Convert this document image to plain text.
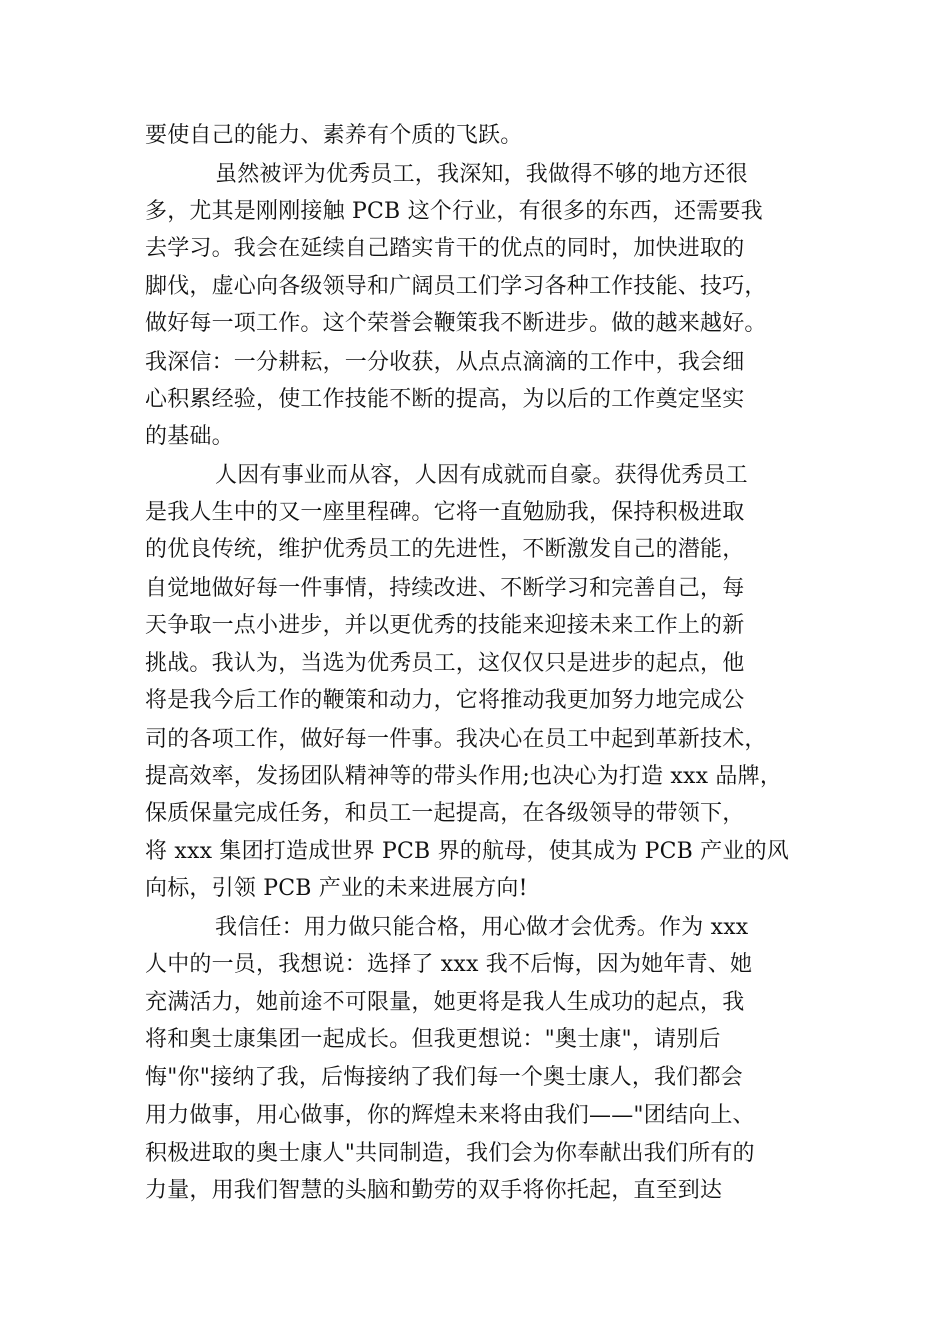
要使自己的能力、素养有个质的飞跃。
虽然被评为优秀员工，我深知，我做得不够的地方还很
多，尤其是刚刚接触 PCB 这个行业，有很多的东西，还需要我
去学习。我会在延续自己踏实肯干的优点的同时，加快进取的
脚伐，虚心向各级领导和广阔员工们学习各种工作技能、技巧，
做好每一项工作。这个荣誉会鞭策我不断进步。做的越来越好。
我深信：一分耕耘，一分收获，从点点滴滴的工作中，我会细
心积累经验，使工作技能不断的提高，为以后的工作奠定坚实
的基础。
人因有事业而从容，人因有成就而自豪。获得优秀员工
是我人生中的又一座里程碑。它将一直勉励我，保持积极进取
的优良传统，维护优秀员工的先进性，不断激发自己的潜能，
自觉地做好每一件事情，持续改进、不断学习和完善自己，每
天争取一点小进步，并以更优秀的技能来迎接未来工作上的新
挑战。我认为，当选为优秀员工，这仅仅只是进步的起点，他
将是我今后工作的鞭策和动力，它将推动我更加努力地完成公
司的各项工作，做好每一件事。我决心在员工中起到革新技术，
提高效率，发扬团队精神等的带头作用;也决心为打造 xxx 品牌，
保质保量完成任务，和员工一起提高，在各级领导的带领下，
将 xxx 集团打造成世界 PCB 界的航母，使其成为 PCB 产业的风
向标，引领 PCB 产业的未来进展方向!
我信任：用力做只能合格，用心做才会优秀。作为 xxx
人中的一员，我想说：选择了 xxx 我不后悔，因为她年青、她
充满活力，她前途不可限量，她更将是我人生成功的起点，我
将和奥士康集团一起成长。但我更想说："奥士康"，请别后
悔"你"接纳了我，后悔接纳了我们每一个奥士康人，我们都会
用力做事，用心做事，你的辉煌未来将由我们——"团结向上、
积极进取的奥士康人"共同制造，我们会为你奉献出我们所有的
力量，用我们智慧的头脑和勤劳的双手将你托起，直至到达
